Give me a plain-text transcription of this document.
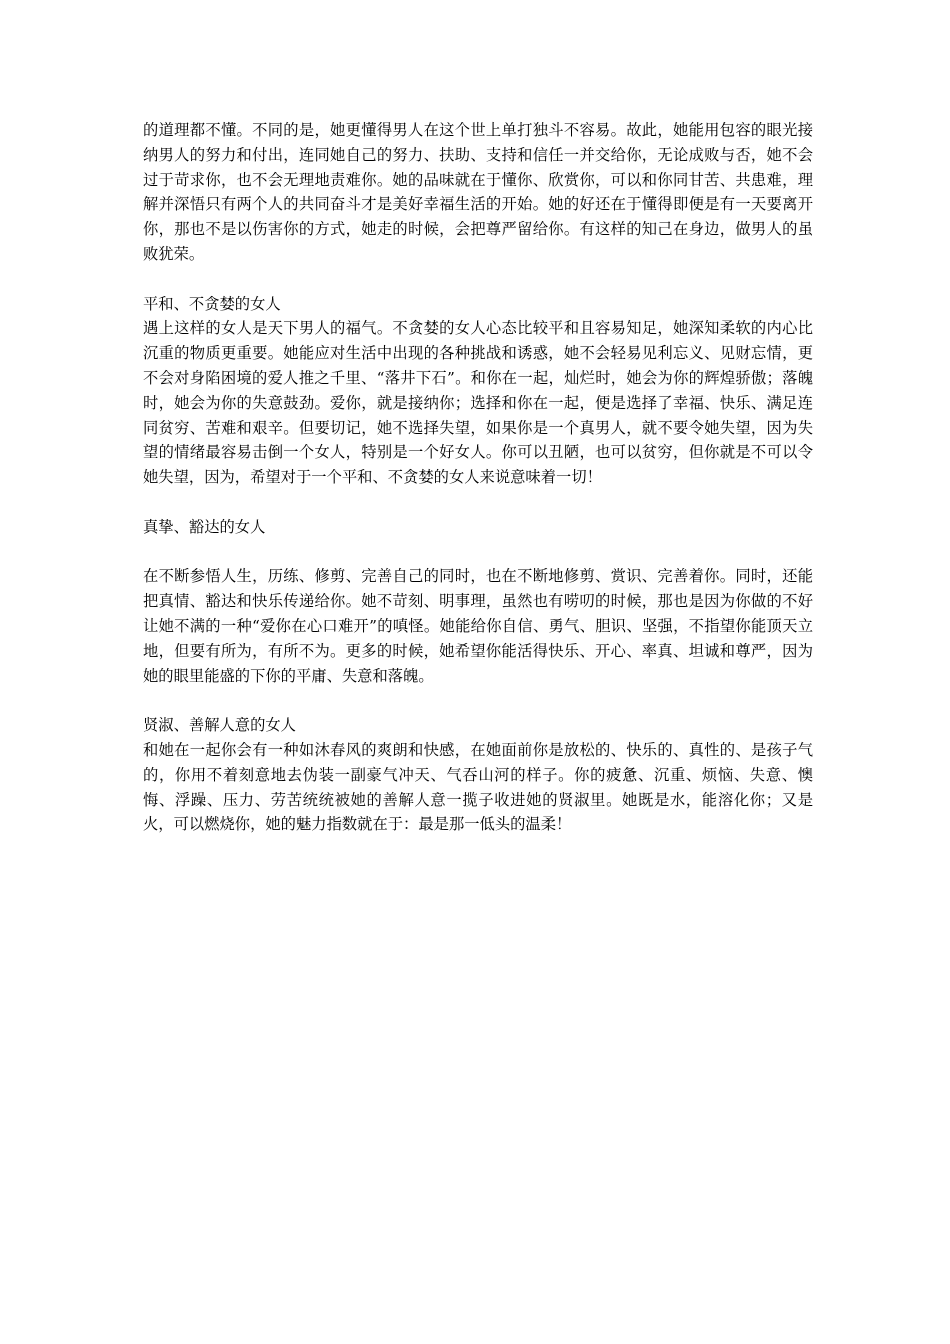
的道理都不懂。不同的是，她更懂得男人在这个世上单打独斗不容易。故此，她能用包容的眼光接纳男人的努力和付出，连同她自己的努力、扶助、支持和信任一并交给你，无论成败与否，她不会过于苛求你，也不会无理地责难你。她的品味就在于懂你、欣赏你，可以和你同甘苦、共患难，理解并深悟只有两个人的共同奋斗才是美好幸福生活的开始。她的好还在于懂得即便是有一天要离开你，那也不是以伤害你的方式，她走的时候，会把尊严留给你。有这样的知己在身边，做男人的虽败犹荣。

平和、不贪婪的女人

遇上这样的女人是天下男人的福气。不贪婪的女人心态比较平和且容易知足，她深知柔软的内心比沉重的物质更重要。她能应对生活中出现的各种挑战和诱惑，她不会轻易见利忘义、见财忘情，更不会对身陷困境的爱人推之千里、“落井下石”。和你在一起，灿烂时，她会为你的辉煌骄傲；落魄时，她会为你的失意鼓劲。爱你，就是接纳你；选择和你在一起，便是选择了幸福、快乐、满足连同贫穷、苦难和艰辛。但要切记，她不选择失望，如果你是一个真男人，就不要令她失望，因为失望的情绪最容易击倒一个女人，特别是一个好女人。你可以丑陋，也可以贫穷，但你就是不可以令她失望，因为，希望对于一个平和、不贪婪的女人来说意味着一切！

真挚、豁达的女人

在不断参悟人生，历练、修剪、完善自己的同时，也在不断地修剪、赏识、完善着你。同时，还能把真情、豁达和快乐传递给你。她不苛刻、明事理，虽然也有唠叨的时候，那也是因为你做的不好让她不满的一种“爱你在心口难开”的嗔怪。她能给你自信、勇气、胆识、坚强，不指望你能顶天立地，但要有所为，有所不为。更多的时候，她希望你能活得快乐、开心、率真、坦诚和尊严，因为她的眼里能盛的下你的平庸、失意和落魄。

贤淑、善解人意的女人

和她在一起你会有一种如沐春风的爽朗和快感，在她面前你是放松的、快乐的、真性的、是孩子气的，你用不着刻意地去伪装一副豪气冲天、气吞山河的样子。你的疲惫、沉重、烦恼、失意、懊悔、浮躁、压力、劳苦统统被她的善解人意一揽子收进她的贤淑里。她既是水，能溶化你；又是火，可以燃烧你，她的魅力指数就在于：最是那一低头的温柔！
